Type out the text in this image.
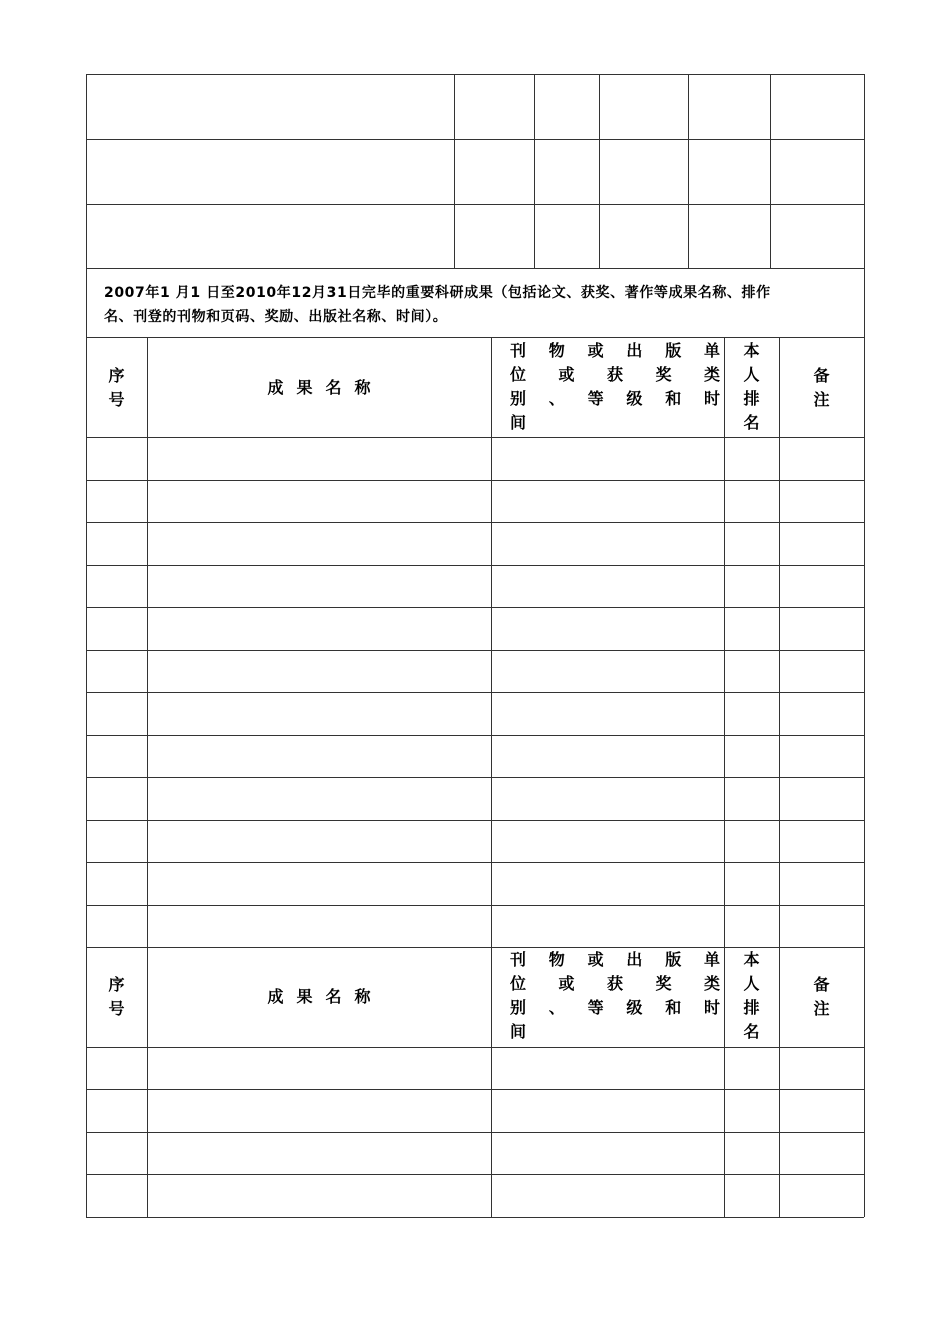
2007年1 月1 日至2010年12月31日完毕的重要科研成果（包括论文、获奖、著作等成果名称、排作
名、刊登的刊物和页码、奖励、出版社名称、时间）。
序
号
成果名称
刊物或出版单
位或获奖类
别、等级和时
间
本
人
排
名
备
注
序
号
成果名称
刊物或出版单
位或获奖类
别、等级和时
间
本
人
排
名
备
注
